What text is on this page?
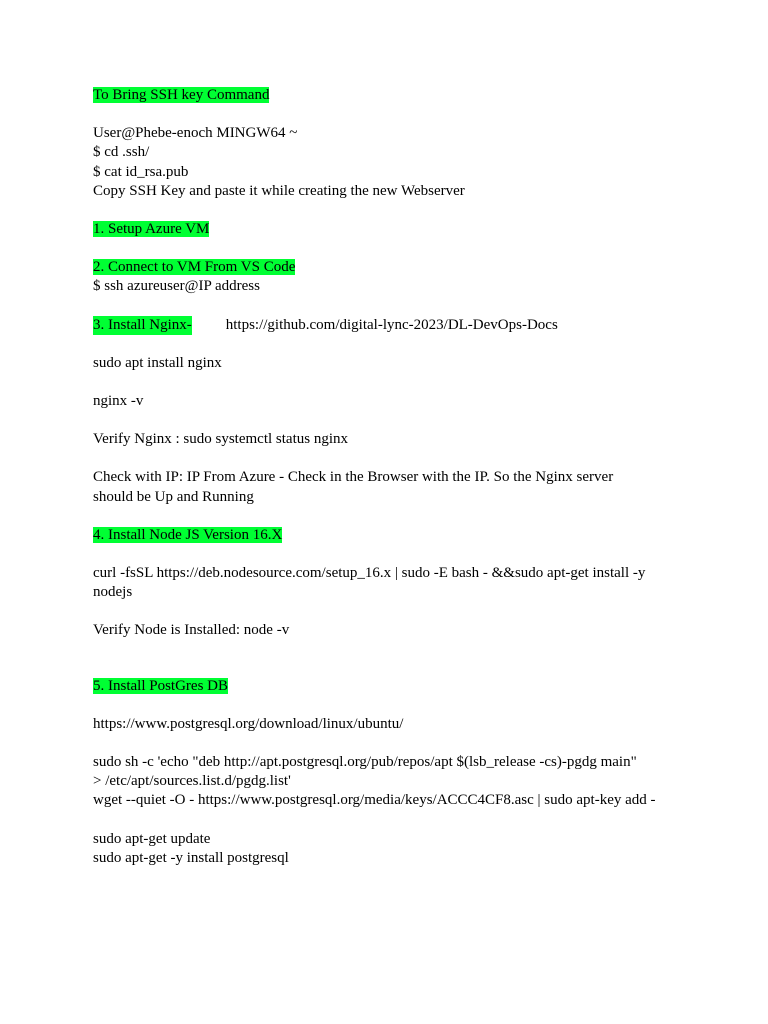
To Bring SSH key Command
User@Phebe-enoch MINGW64 ~
$ cd .ssh/
$ cat id_rsa.pub
Copy SSH Key and paste it while creating the new Webserver
1. Setup Azure VM
2. Connect to VM From VS Code
$ ssh azureuser@IP address
3. Install Nginx- https://github.com/digital-lync-2023/DL-DevOps-Docs
sudo apt install nginx
nginx -v
Verify Nginx : sudo systemctl status nginx
Check with IP: IP From Azure - Check in the Browser with the IP. So the Nginx server
should be Up and Running
4. Install Node JS Version 16.X
curl -fsSL https://deb.nodesource.com/setup_16.x | sudo -E bash - &&sudo apt-get install -y
nodejs
Verify Node is Installed: node -v
5. Install PostGres DB
https://www.postgresql.org/download/linux/ubuntu/
sudo sh -c 'echo "deb http://apt.postgresql.org/pub/repos/apt $(lsb_release -cs)-pgdg main"
> /etc/apt/sources.list.d/pgdg.list'
wget --quiet -O - https://www.postgresql.org/media/keys/ACCC4CF8.asc | sudo apt-key add -
sudo apt-get update
sudo apt-get -y install postgresql
